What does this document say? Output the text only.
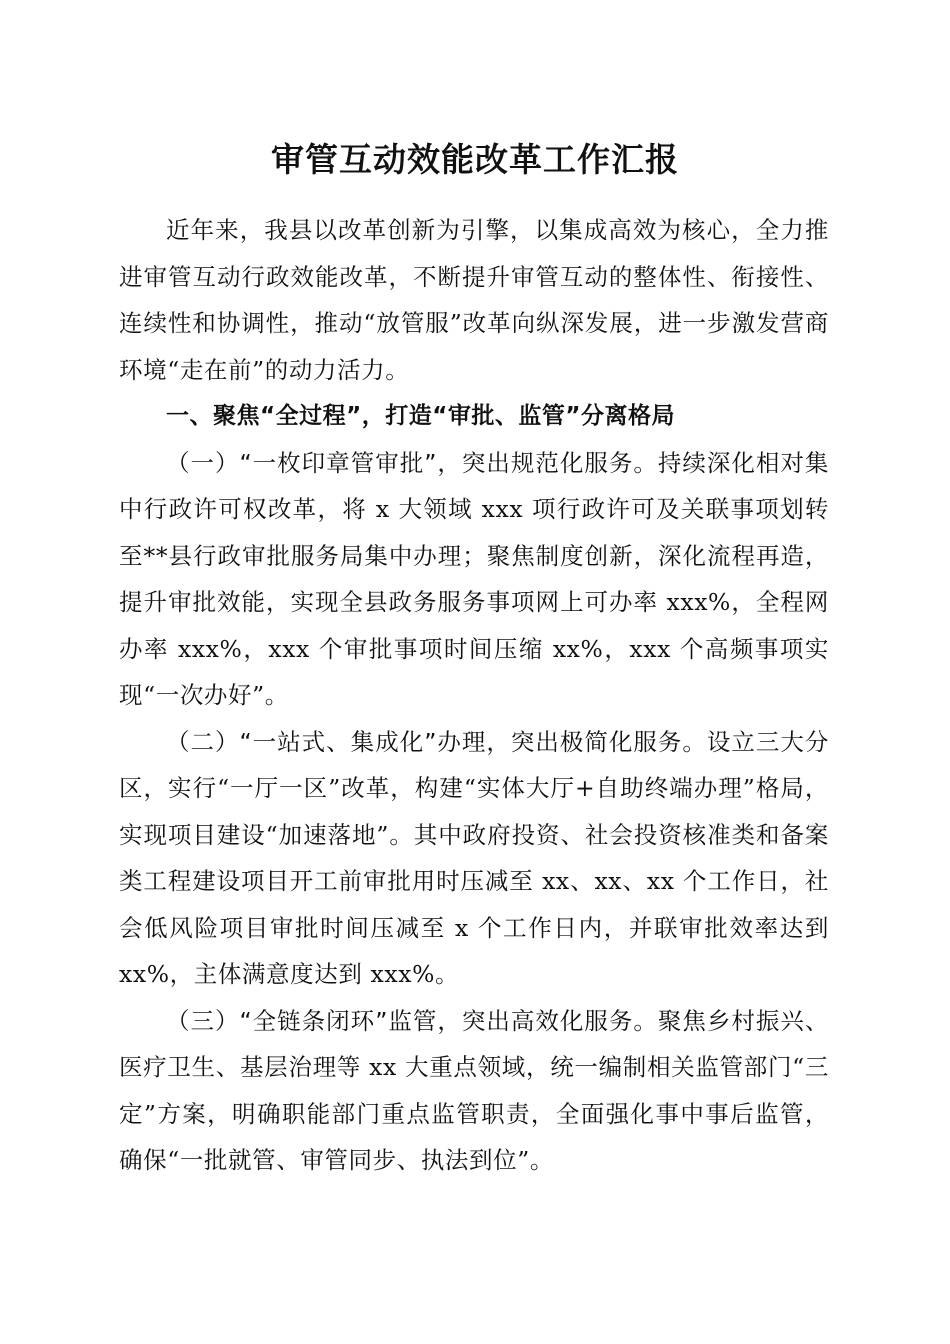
审管互动效能改革工作汇报

近年来，我县以改革创新为引擎，以集成高效为核心，全力推进审管互动行政效能改革，不断提升审管互动的整体性、衔接性、连续性和协调性，推动“放管服”改革向纵深发展，进一步激发营商环境“走在前”的动力活力。

一、聚焦“全过程”，打造“审批、监管”分离格局

（一）“一枚印章管审批”，突出规范化服务。持续深化相对集中行政许可权改革，将 x 大领域 xxx 项行政许可及关联事项划转至**县行政审批服务局集中办理；聚焦制度创新，深化流程再造，提升审批效能，实现全县政务服务事项网上可办率 xxx%，全程网办率 xxx%，xxx 个审批事项时间压缩 xx%，xxx 个高频事项实现“一次办好”。

（二）“一站式、集成化”办理，突出极简化服务。设立三大分区，实行“一厅一区”改革，构建“实体大厅+自助终端办理”格局，实现项目建设“加速落地”。其中政府投资、社会投资核准类和备案类工程建设项目开工前审批用时压减至 xx、xx、xx 个工作日，社会低风险项目审批时间压减至 x 个工作日内，并联审批效率达到 xx%，主体满意度达到 xxx%。

（三）“全链条闭环”监管，突出高效化服务。聚焦乡村振兴、医疗卫生、基层治理等 xx 大重点领域，统一编制相关监管部门“三定”方案，明确职能部门重点监管职责，全面强化事中事后监管，确保“一批就管、审管同步、执法到位”。
